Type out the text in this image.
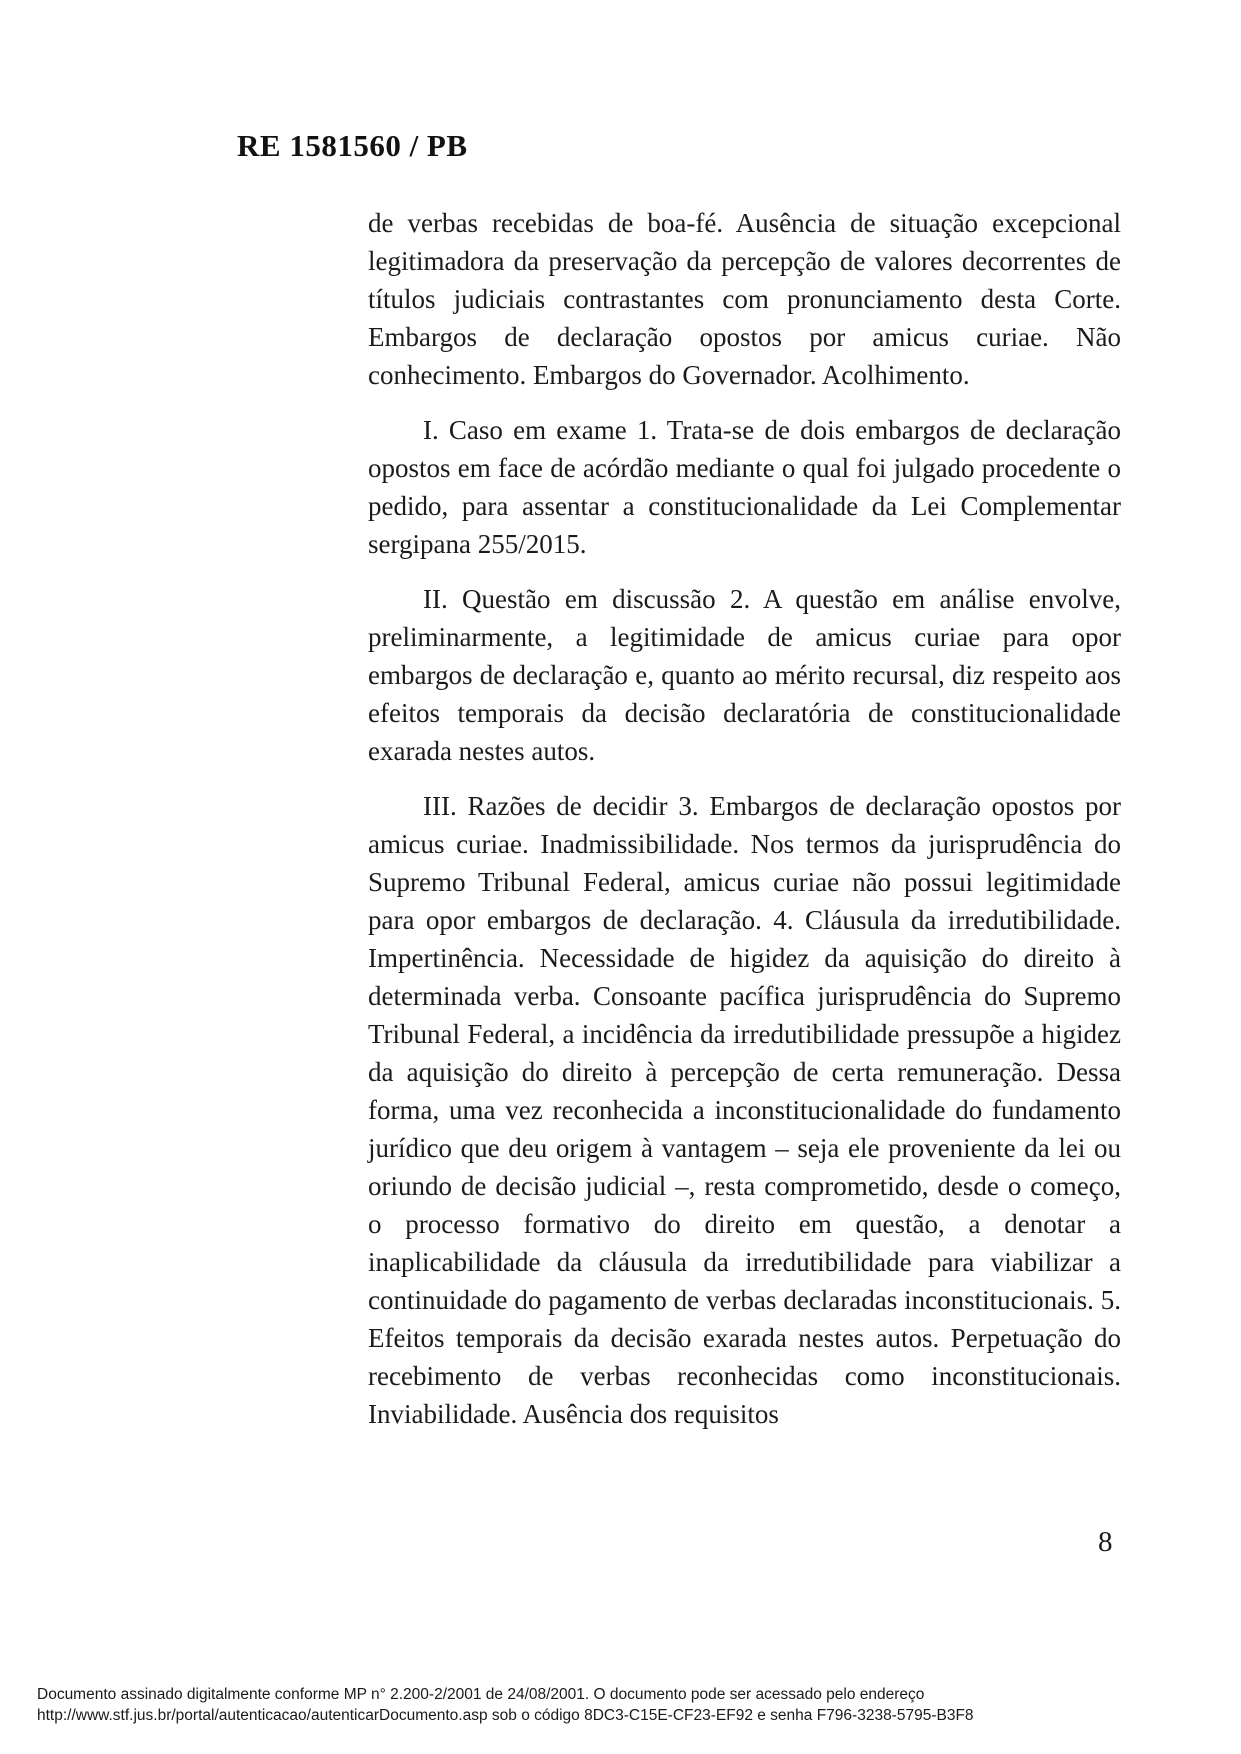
RE 1581560 / PB

de verbas recebidas de boa-fé. Ausência de situação excepcional legitimadora da preservação da percepção de valores decorrentes de títulos judiciais contrastantes com pronunciamento desta Corte. Embargos de declaração opostos por amicus curiae. Não conhecimento. Embargos do Governador. Acolhimento.

I. Caso em exame 1. Trata-se de dois embargos de declaração opostos em face de acórdão mediante o qual foi julgado procedente o pedido, para assentar a constitucionalidade da Lei Complementar sergipana 255/2015.

II. Questão em discussão 2. A questão em análise envolve, preliminarmente, a legitimidade de amicus curiae para opor embargos de declaração e, quanto ao mérito recursal, diz respeito aos efeitos temporais da decisão declaratória de constitucionalidade exarada nestes autos.

III. Razões de decidir 3. Embargos de declaração opostos por amicus curiae. Inadmissibilidade. Nos termos da jurisprudência do Supremo Tribunal Federal, amicus curiae não possui legitimidade para opor embargos de declaração. 4. Cláusula da irredutibilidade. Impertinência. Necessidade de higidez da aquisição do direito à determinada verba. Consoante pacífica jurisprudência do Supremo Tribunal Federal, a incidência da irredutibilidade pressupõe a higidez da aquisição do direito à percepção de certa remuneração. Dessa forma, uma vez reconhecida a inconstitucionalidade do fundamento jurídico que deu origem à vantagem – seja ele proveniente da lei ou oriundo de decisão judicial –, resta comprometido, desde o começo, o processo formativo do direito em questão, a denotar a inaplicabilidade da cláusula da irredutibilidade para viabilizar a continuidade do pagamento de verbas declaradas inconstitucionais. 5. Efeitos temporais da decisão exarada nestes autos. Perpetuação do recebimento de verbas reconhecidas como inconstitucionais. Inviabilidade. Ausência dos requisitos

8
Documento assinado digitalmente conforme MP n° 2.200-2/2001 de 24/08/2001. O documento pode ser acessado pelo endereço
http://www.stf.jus.br/portal/autenticacao/autenticarDocumento.asp sob o código 8DC3-C15E-CF23-EF92 e senha F796-3238-5795-B3F8
